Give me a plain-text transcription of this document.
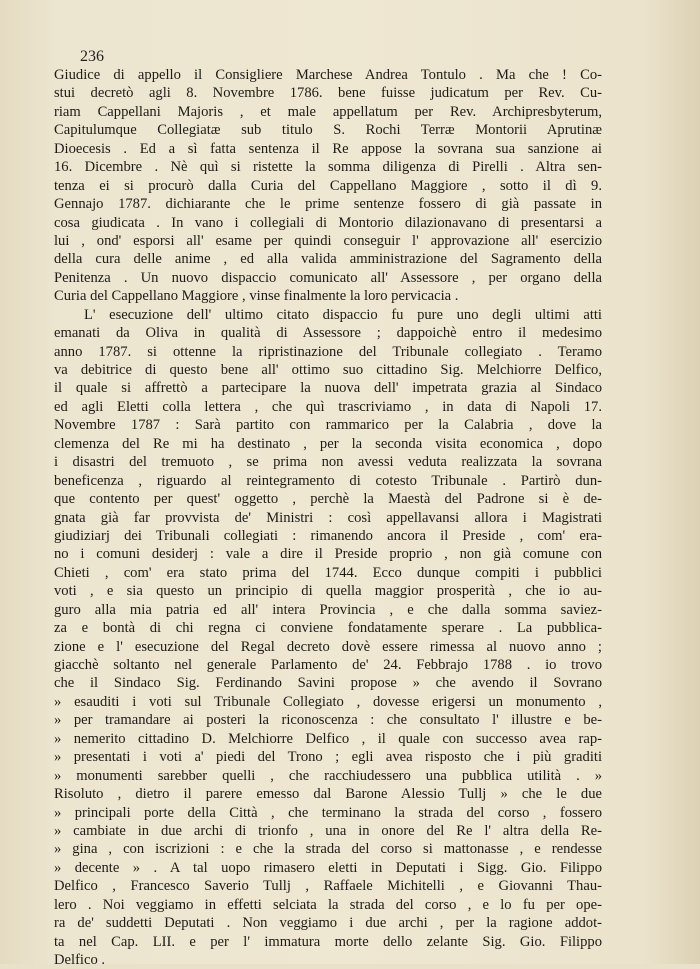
236
Giudice di appello il Consigliere Marchese Andrea Tontulo . Ma che ! Co-
stui decretò agli 8. Novembre 1786. bene fuisse judicatum per Rev. Cu-
riam Cappellani Majoris , et male appellatum per Rev. Archipresbyterum,
Capitulumque Collegiatæ sub titulo S. Rochi Terræ Montorii Aprutinæ
Dioecesis . Ed a sì fatta sentenza il Re appose la sovrana sua sanzione ai
16. Dicembre . Nè quì si ristette la somma diligenza di Pirelli . Altra sen-
tenza ei si procurò dalla Curia del Cappellano Maggiore , sotto il dì 9.
Gennajo 1787. dichiarante che le prime sentenze fossero di già passate in
cosa giudicata . In vano i collegiali di Montorio dilazionavano di presentarsi a
lui , ond' esporsi all' esame per quindi conseguir l' approvazione all' esercizio
della cura delle anime , ed alla valida amministrazione del Sagramento della
Penitenza . Un nuovo dispaccio comunicato all' Assessore , per organo della
Curia del Cappellano Maggiore , vinse finalmente la loro pervicacia .
L' esecuzione dell' ultimo citato dispaccio fu pure uno degli ultimi atti
emanati da Oliva in qualità di Assessore ; dappoichè entro il medesimo
anno 1787. si ottenne la ripristinazione del Tribunale collegiato . Teramo
va debitrice di questo bene all' ottimo suo cittadino Sig. Melchiorre Delfico,
il quale si affrettò a partecipare la nuova dell' impetrata grazia al Sindaco
ed agli Eletti colla lettera , che quì trascriviamo , in data di Napoli 17.
Novembre 1787 : Sarà partito con rammarico per la Calabria , dove la
clemenza del Re mi ha destinato , per la seconda visita economica , dopo
i disastri del tremuoto , se prima non avessi veduta realizzata la sovrana
beneficenza , riguardo al reintegramento di cotesto Tribunale . Partirò dun-
que contento per quest' oggetto , perchè la Maestà del Padrone si è de-
gnata già far provvista de' Ministri : così appellavansi allora i Magistrati
giudiziarj dei Tribunali collegiati : rimanendo ancora il Preside , com' era-
no i comuni desiderj : vale a dire il Preside proprio , non già comune con
Chieti , com' era stato prima del 1744. Ecco dunque compiti i pubblici
voti , e sia questo un principio di quella maggior prosperità , che io au-
guro alla mia patria ed all' intera Provincia , e che dalla somma saviez-
za e bontà di chi regna ci conviene fondatamente sperare . La pubblica-
zione e l' esecuzione del Regal decreto dovè essere rimessa al nuovo anno ;
giacchè soltanto nel generale Parlamento de' 24. Febbrajo 1788 . io trovo
che il Sindaco Sig. Ferdinando Savini propose » che avendo il Sovrano
» esauditi i voti sul Tribunale Collegiato , dovesse erigersi un monumento ,
» per tramandare ai posteri la riconoscenza : che consultato l' illustre e be-
» nemerito cittadino D. Melchiorre Delfico , il quale con successo avea rap-
» presentati i voti a' piedi del Trono ; egli avea risposto che i più graditi
» monumenti sarebber quelli , che racchiudessero una pubblica utilità . »
Risoluto , dietro il parere emesso dal Barone Alessio Tullj » che le due
» principali porte della Città , che terminano la strada del corso , fossero
» cambiate in due archi di trionfo , una in onore del Re l' altra della Re-
» gina , con iscrizioni : e che la strada del corso si mattonasse , e rendesse
» decente » . A tal uopo rimasero eletti in Deputati i Sigg. Gio. Filippo
Delfico , Francesco Saverio Tullj , Raffaele Michitelli , e Giovanni Thau-
lero . Noi veggiamo in effetti selciata la strada del corso , e lo fu per ope-
ra de' suddetti Deputati . Non veggiamo i due archi , per la ragione addot-
ta nel Cap. LII. e per l' immatura morte dello zelante Sig. Gio. Filippo
Delfico .
